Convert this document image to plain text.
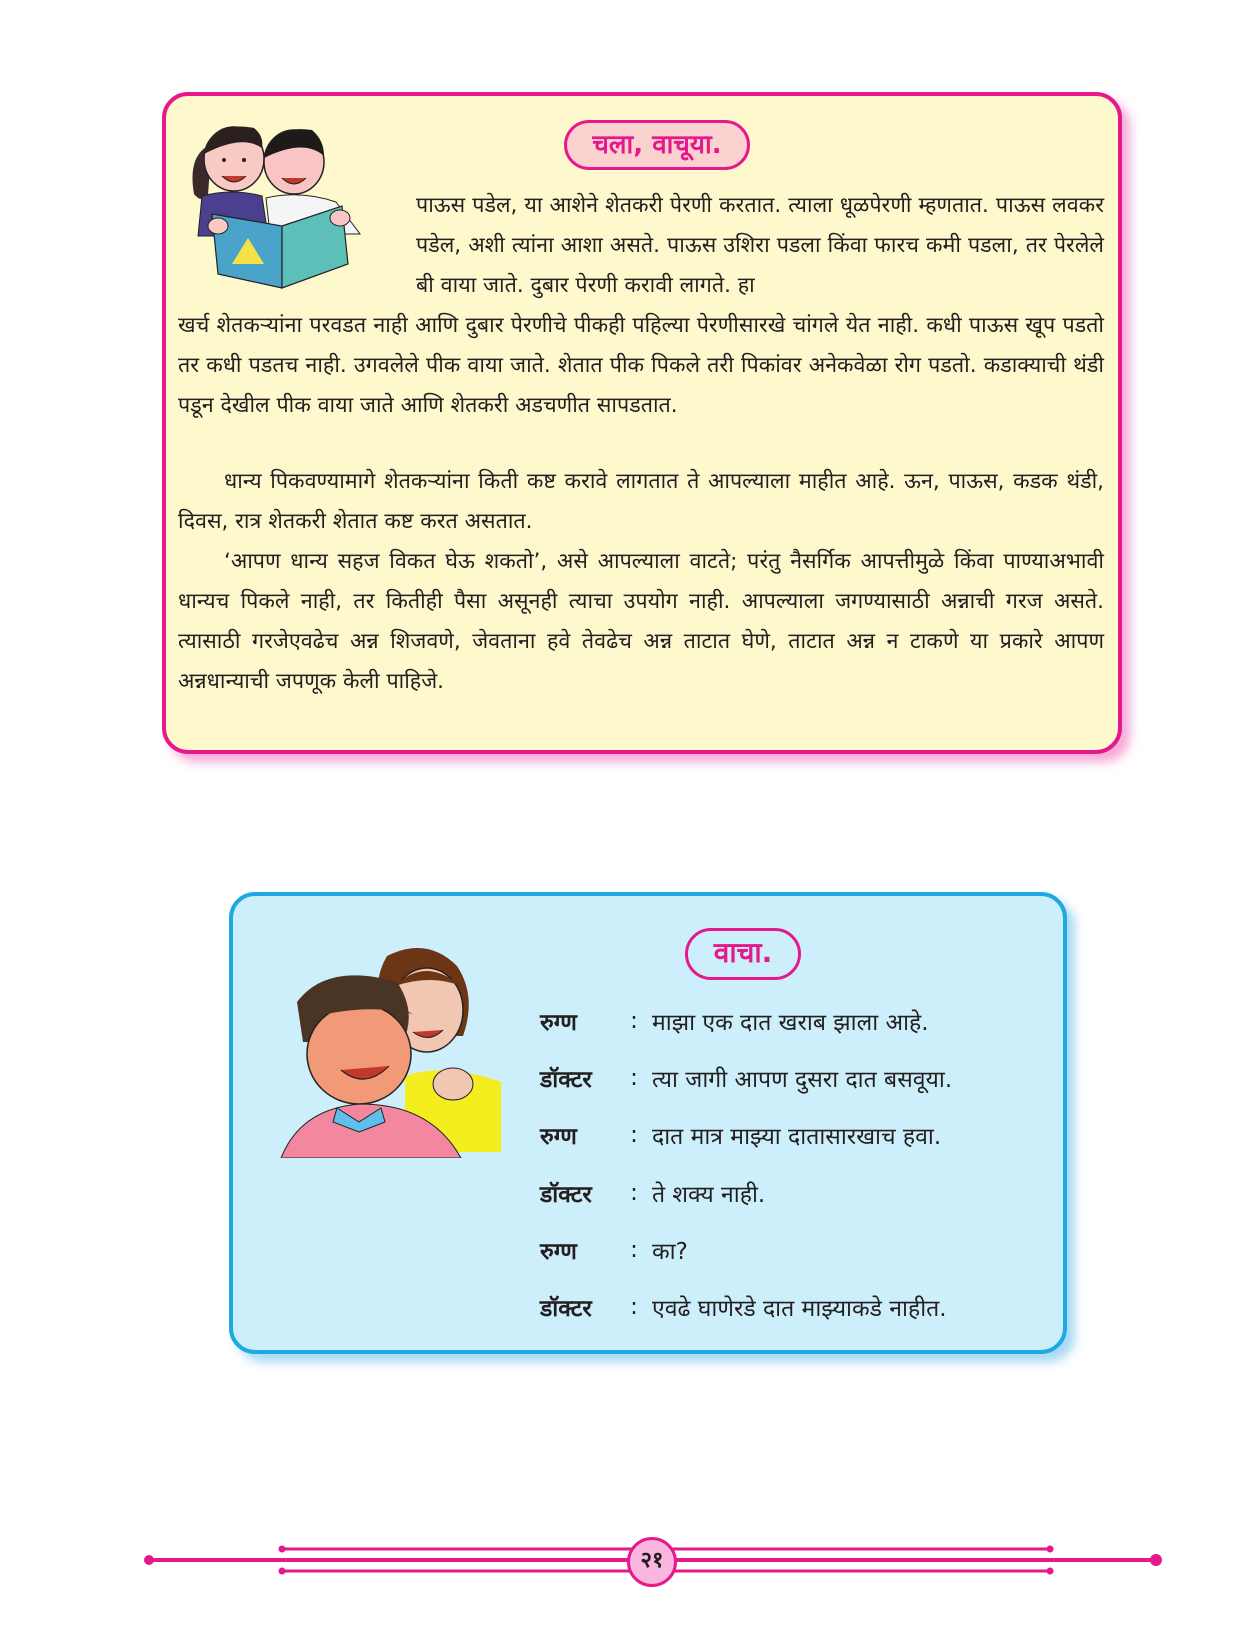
चला, वाचूया.

पाऊस पडेल, या आशेने शेतकरी पेरणी करतात. त्याला धूळपेरणी म्हणतात. पाऊस लवकर पडेल, अशी त्यांना आशा असते. पाऊस उशिरा पडला किंवा फारच कमी पडला, तर पेरलेले बी वाया जाते. दुबार पेरणी करावी लागते. हा

खर्च शेतकऱ्यांना परवडत नाही आणि दुबार पेरणीचे पीकही पहिल्या पेरणीसारखे चांगले येत नाही. कधी पाऊस खूप पडतो तर कधी पडतच नाही. उगवलेले पीक वाया जाते. शेतात पीक पिकले तरी पिकांवर अनेकवेळा रोग पडतो. कडाक्याची थंडी पडून देखील पीक वाया जाते आणि शेतकरी अडचणीत सापडतात.

धान्य पिकवण्यामागे शेतकऱ्यांना किती कष्ट करावे लागतात ते आपल्याला माहीत आहे. ऊन, पाऊस, कडक थंडी, दिवस, रात्र शेतकरी शेतात कष्ट करत असतात.

‘आपण धान्य सहज विकत घेऊ शकतो’, असे आपल्याला वाटते; परंतु नैसर्गिक आपत्तीमुळे किंवा पाण्याअभावी धान्यच पिकले नाही, तर कितीही पैसा असूनही त्याचा उपयोग नाही. आपल्याला जगण्यासाठी अन्नाची गरज असते. त्यासाठी गरजेएवढेच अन्न शिजवणे, जेवताना हवे तेवढेच अन्न ताटात घेणे, ताटात अन्न न टाकणे या प्रकारे आपण अन्नधान्याची जपणूक केली पाहिजे.

वाचा.
रुग्ण	: माझा एक दात खराब झाला आहे.
डॉक्टर	: त्या जागी आपण दुसरा दात बसवूया.
रुग्ण	: दात मात्र माझ्या दातासारखाच हवा.
डॉक्टर	: ते शक्य नाही.
रुग्ण	: का?
डॉक्टर	: एवढे घाणेरडे दात माझ्याकडे नाहीत.
२१
